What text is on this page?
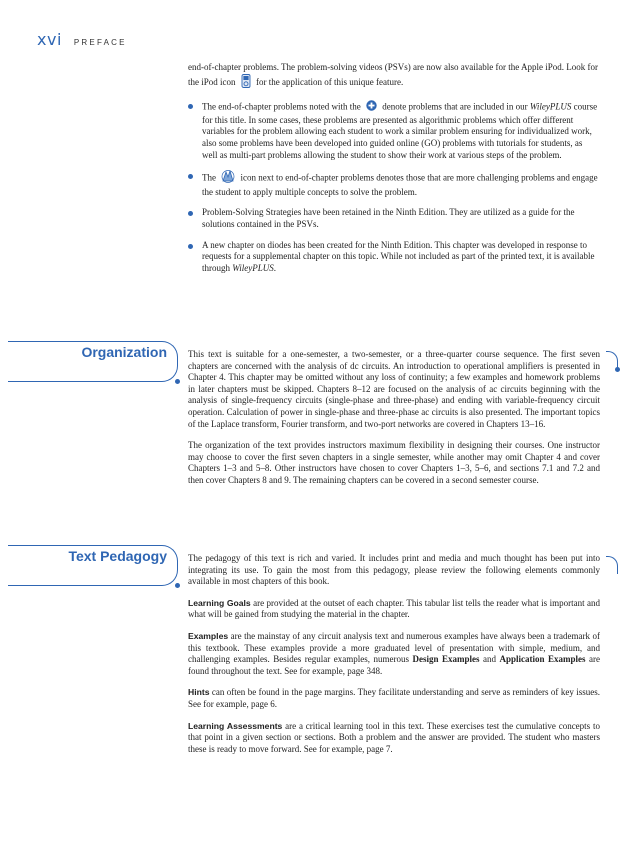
xvi PREFACE

end-of-chapter problems. The problem-solving videos (PSVs) are now also available for the Apple iPod. Look for the iPod icon for the application of this unique feature.

The end-of-chapter problems noted with the denote problems that are included in our WileyPLUS course for this title. In some cases, these problems are presented as algorithmic problems which offer different variables for the problem allowing each student to work a similar problem ensuring for individualized work, also some problems have been developed into guided online (GO) problems with tutorials for students, as well as multi-part problems allowing the student to show their work at various steps of the problem.

The	icon next to end-of-chapter problems denotes those that are more challenging problems and engage the student to apply multiple concepts to solve the problem.

Problem-Solving Strategies have been retained in the Ninth Edition. They are utilized as a guide for the solutions contained in the PSVs.

A new chapter on diodes has been created for the Ninth Edition. This chapter was developed in response to requests for a supplemental chapter on this topic. While not included as part of the printed text, it is available through WileyPLUS.

Organization This text is suitable for a one-semester, a two-semester, or a three-quarter course sequence. The first seven chapters are concerned with the analysis of dc circuits. An introduction to operational amplifiers is presented in Chapter 4. This chapter may be omitted without any loss of continuity; a few examples and homework problems in later chapters must be skipped. Chapters 8–12 are focused on the analysis of ac circuits beginning with the analysis of single-frequency circuits (single-phase and three-phase) and ending with variable-frequency circuit operation. Calculation of power in single-phase and three-phase ac circuits is also presented. The important topics of the Laplace transform, Fourier transform, and two-port networks are covered in Chapters 13–16.

The organization of the text provides instructors maximum flexibility in designing their courses. One instructor may choose to cover the first seven chapters in a single semester, while another may omit Chapter 4 and cover Chapters 1–3 and 5–8. Other instructors have chosen to cover Chapters 1–3, 5–6, and sections 7.1 and 7.2 and then cover Chapters 8 and 9. The remaining chapters can be covered in a second semester course.

Text Pedagogy The pedagogy of this text is rich and varied. It includes print and media and much thought has been put into integrating its use. To gain the most from this pedagogy, please review the following elements commonly available in most chapters of this book.

Learning Goals are provided at the outset of each chapter. This tabular list tells the reader what is important and what will be gained from studying the material in the chapter.

Examples are the mainstay of any circuit analysis text and numerous examples have always been a trademark of this textbook. These examples provide a more graduated level of presentation with simple, medium, and challenging examples. Besides regular examples, numerous Design Examples and Application Examples are found throughout the text. See for example, page 348.

Hints can often be found in the page margins. They facilitate understanding and serve as reminders of key issues. See for example, page 6.

Learning Assessments are a critical learning tool in this text. These exercises test the cumulative concepts to that point in a given section or sections. Both a problem and the answer are provided. The student who masters these is ready to move forward. See for example, page 7.
